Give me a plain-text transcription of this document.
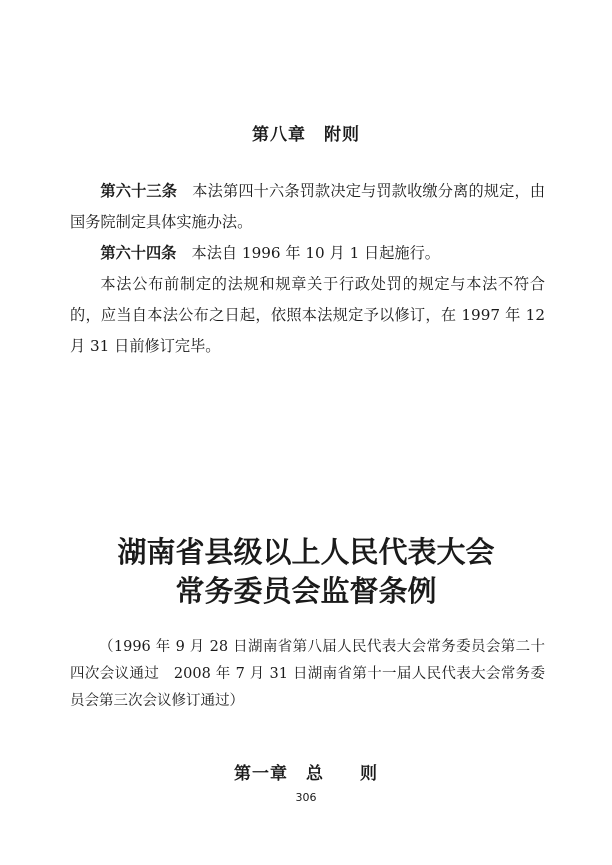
第八章　附则

第六十三条 本法第四十六条罚款决定与罚款收缴分离的规定，由国务院制定具体实施办法。

第六十四条 本法自 1996 年 10 月 1 日起施行。

本法公布前制定的法规和规章关于行政处罚的规定与本法不符合的，应当自本法公布之日起，依照本法规定予以修订，在 1997 年 12 月 31 日前修订完毕。

湖南省县级以上人民代表大会
常务委员会监督条例

（1996 年 9 月 28 日湖南省第八届人民代表大会常务委员会第二十四次会议通过　2008 年 7 月 31 日湖南省第十一届人民代表大会常务委员会第三次会议修订通过）

第一章　总　　则
306
